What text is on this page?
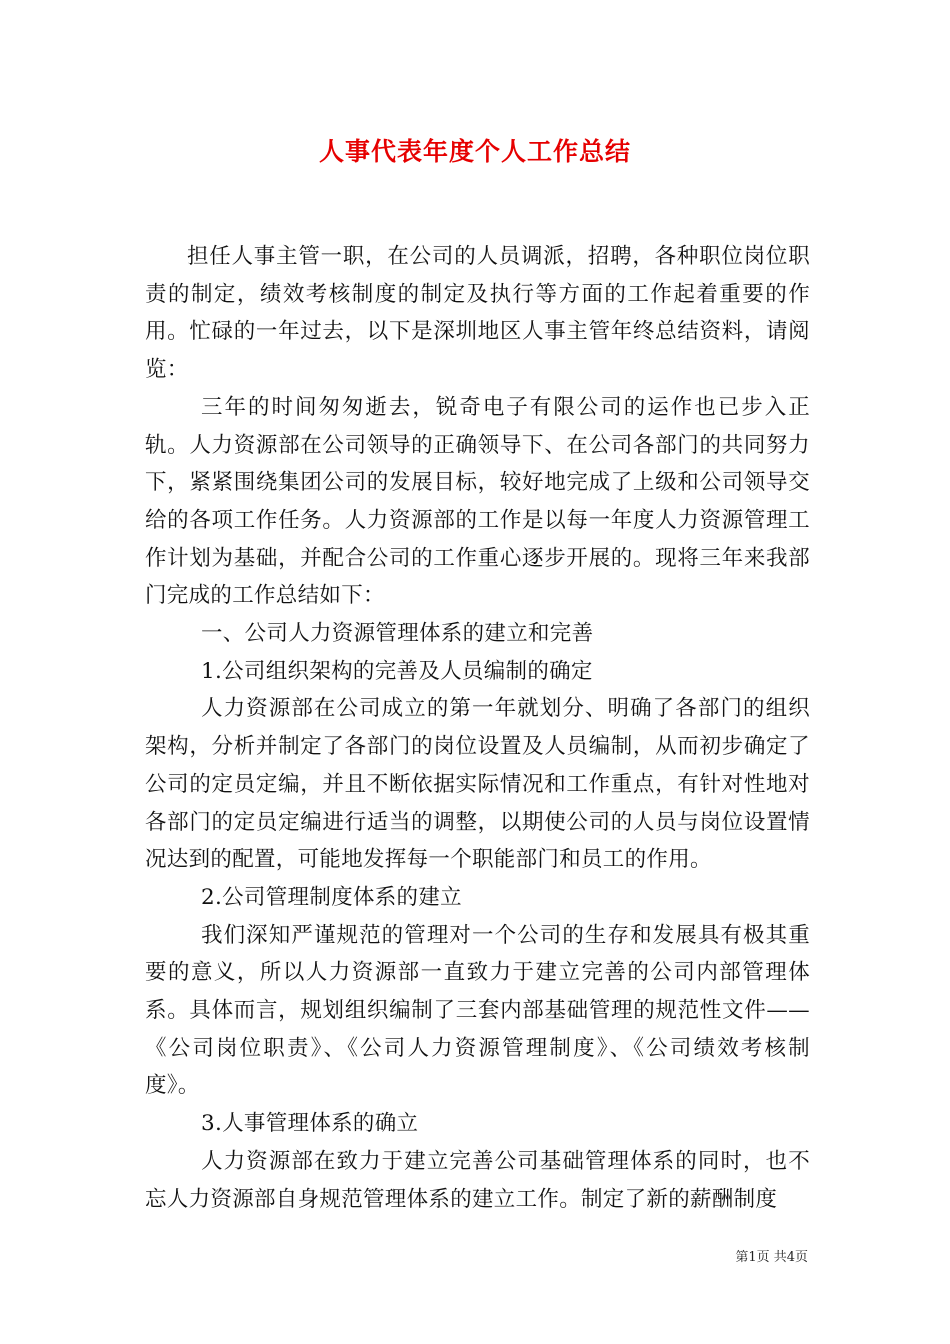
人事代表年度个人工作总结

担任人事主管一职，在公司的人员调派，招聘，各种职位岗位职责的制定，绩效考核制度的制定及执行等方面的工作起着重要的作用。忙碌的一年过去，以下是深圳地区人事主管年终总结资料，请阅览：

三年的时间匆匆逝去，锐奇电子有限公司的运作也已步入正轨。人力资源部在公司领导的正确领导下、在公司各部门的共同努力下，紧紧围绕集团公司的发展目标，较好地完成了上级和公司领导交给的各项工作任务。人力资源部的工作是以每一年度人力资源管理工作计划为基础，并配合公司的工作重心逐步开展的。现将三年来我部门完成的工作总结如下：

一、公司人力资源管理体系的建立和完善

1.公司组织架构的完善及人员编制的确定

人力资源部在公司成立的第一年就划分、明确了各部门的组织架构，分析并制定了各部门的岗位设置及人员编制，从而初步确定了公司的定员定编，并且不断依据实际情况和工作重点，有针对性地对各部门的定员定编进行适当的调整，以期使公司的人员与岗位设置情况达到的配置，可能地发挥每一个职能部门和员工的作用。

2.公司管理制度体系的建立

我们深知严谨规范的管理对一个公司的生存和发展具有极其重要的意义，所以人力资源部一直致力于建立完善的公司内部管理体系。具体而言，规划组织编制了三套内部基础管理的规范性文件——《公司岗位职责》、《公司人力资源管理制度》、《公司绩效考核制度》。

3.人事管理体系的确立

人力资源部在致力于建立完善公司基础管理体系的同时，也不忘人力资源部自身规范管理体系的建立工作。制定了新的薪酬制度

第1页 共4页
